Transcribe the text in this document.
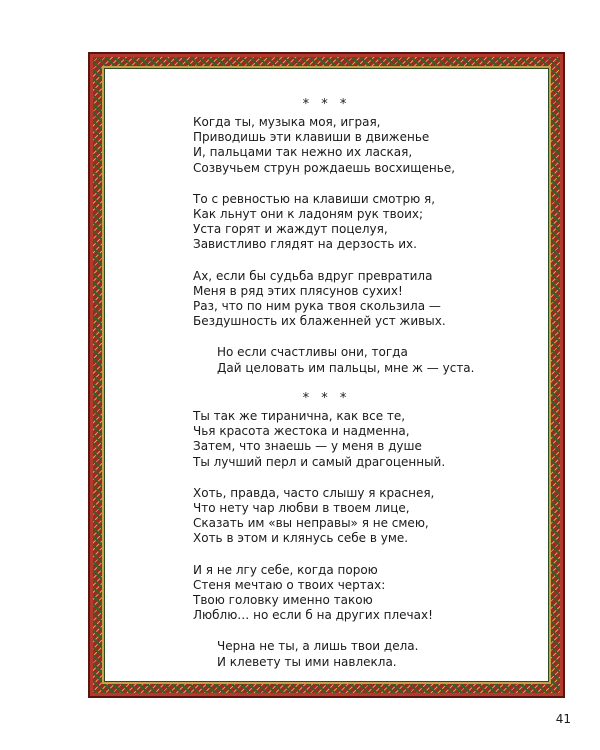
* * *
Когда ты, музыка моя, играя,
Приводишь эти клавиши в движенье
И, пальцами так нежно их лаская,
Созвучьем струн рождаешь восхищенье,
То с ревностью на клавиши смотрю я,
Как льнут они к ладоням рук твоих;
Уста горят и жаждут поцелуя,
Завистливо глядят на дерзость их.
Ах, если бы судьба вдруг превратила
Меня в ряд этих плясунов сухих!
Раз, что по ним рука твоя скользила —
Бездушность их блаженней уст живых.
Но если счастливы они, тогда
Дай целовать им пальцы, мне ж — уста.
* * *
Ты так же тиранична, как все те,
Чья красота жестока и надменна,
Затем, что знаешь — у меня в душе
Ты лучший перл и самый драгоценный.
Хоть, правда, часто слышу я краснея,
Что нету чар любви в твоем лице,
Сказать им «вы неправы» я не смею,
Хоть в этом и клянусь себе в уме.
И я не лгу себе, когда порою
Стеня мечтаю о твоих чертах:
Твою головку именно такою
Люблю… но если б на других плечах!
Черна не ты, а лишь твои дела.
И клевету ты ими навлекла.
41
